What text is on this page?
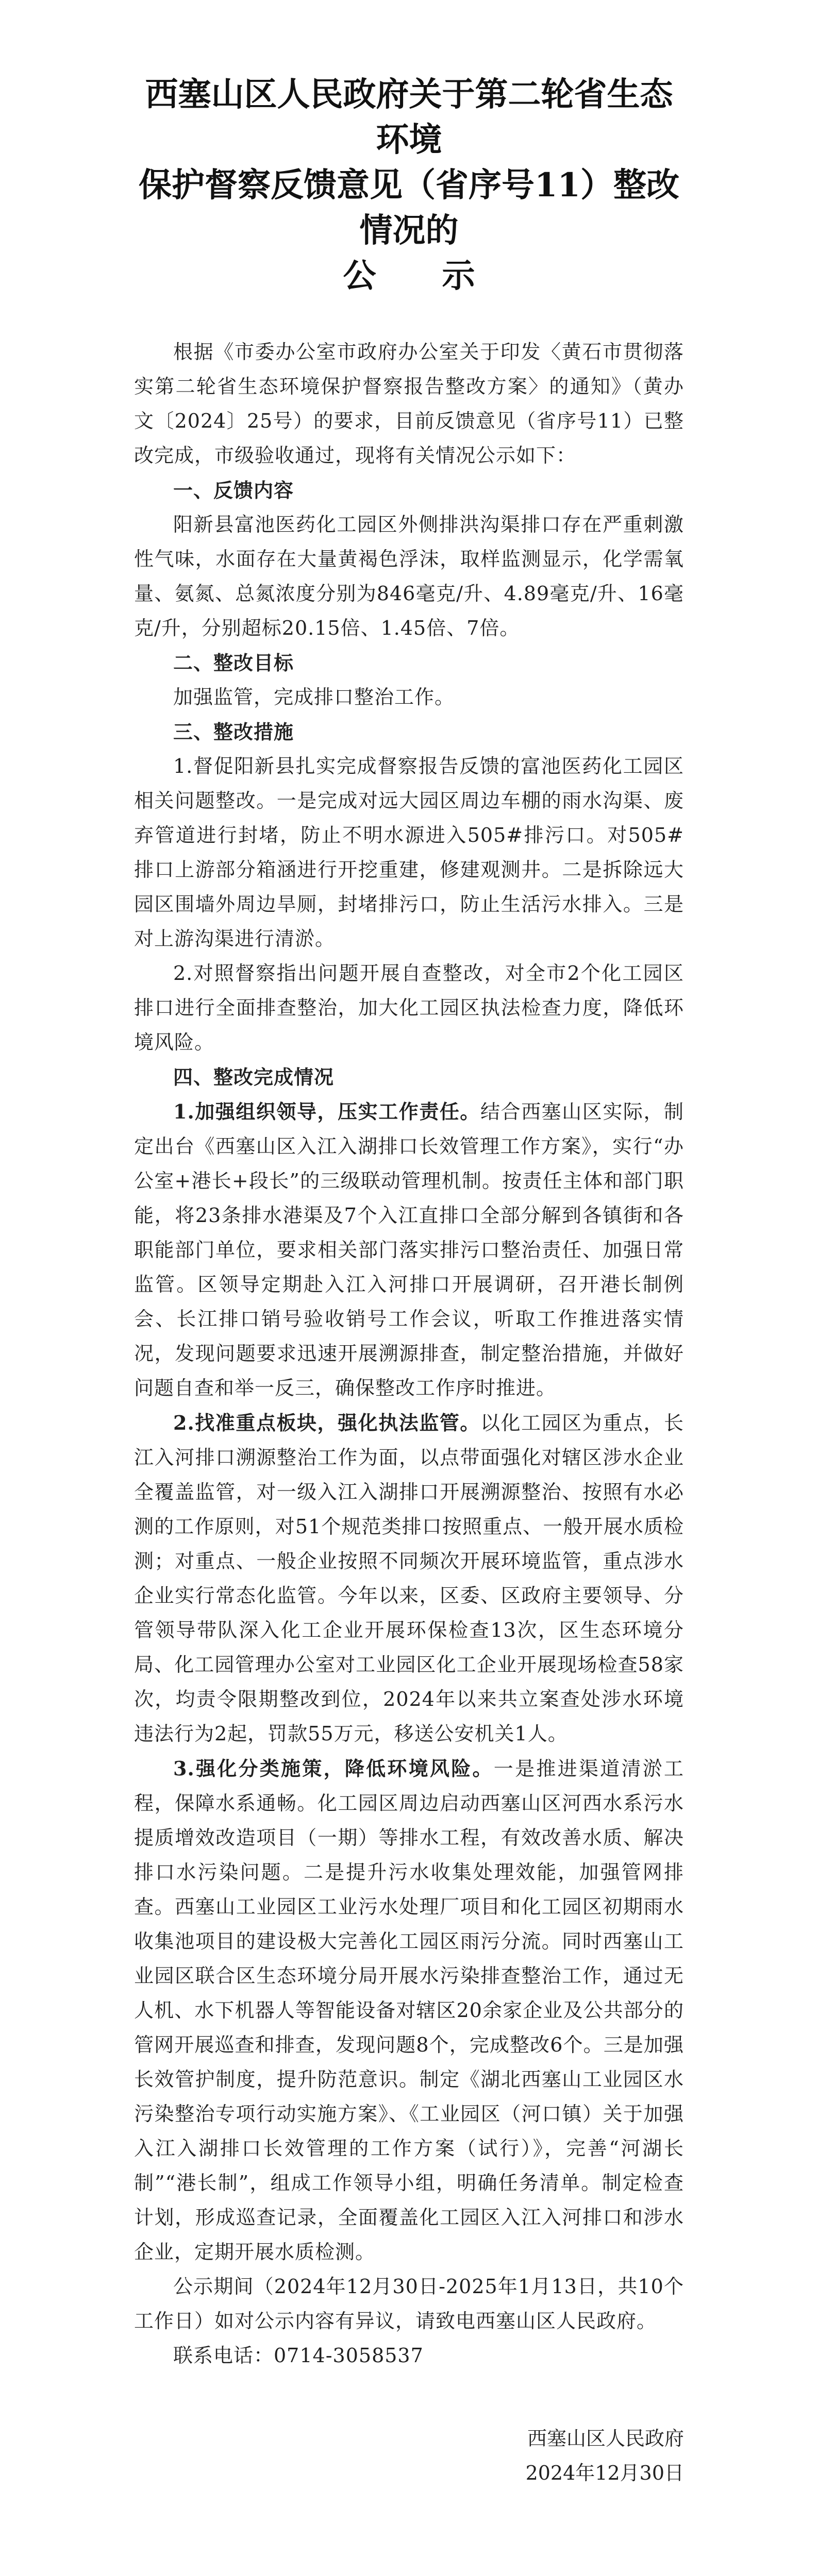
西塞山区人民政府关于第二轮省生态环境
保护督察反馈意见（省序号11）整改情况的
公　　示

根据《市委办公室市政府办公室关于印发〈黄石市贯彻落实第二轮省生态环境保护督察报告整改方案〉的通知》（黄办文〔2024〕25号）的要求，目前反馈意见（省序号11）已整改完成，市级验收通过，现将有关情况公示如下：

一、反馈内容

阳新县富池医药化工园区外侧排洪沟渠排口存在严重刺激性气味，水面存在大量黄褐色浮沫，取样监测显示，化学需氧量、氨氮、总氮浓度分别为846毫克/升、4.89毫克/升、16毫克/升，分别超标20.15倍、1.45倍、7倍。

二、整改目标

加强监管，完成排口整治工作。

三、整改措施

1.督促阳新县扎实完成督察报告反馈的富池医药化工园区相关问题整改。一是完成对远大园区周边车棚的雨水沟渠、废弃管道进行封堵，防止不明水源进入505#排污口。对505#排口上游部分箱涵进行开挖重建，修建观测井。二是拆除远大园区围墙外周边旱厕，封堵排污口，防止生活污水排入。三是对上游沟渠进行清淤。

2.对照督察指出问题开展自查整改，对全市2个化工园区排口进行全面排查整治，加大化工园区执法检查力度，降低环境风险。

四、整改完成情况

1.加强组织领导，压实工作责任。结合西塞山区实际，制定出台《西塞山区入江入湖排口长效管理工作方案》，实行“办公室+港长+段长”的三级联动管理机制。按责任主体和部门职能，将23条排水港渠及7个入江直排口全部分解到各镇街和各职能部门单位，要求相关部门落实排污口整治责任、加强日常监管。区领导定期赴入江入河排口开展调研，召开港长制例会、长江排口销号验收销号工作会议，听取工作推进落实情况，发现问题要求迅速开展溯源排查，制定整治措施，并做好问题自查和举一反三，确保整改工作序时推进。

2.找准重点板块，强化执法监管。以化工园区为重点，长江入河排口溯源整治工作为面，以点带面强化对辖区涉水企业全覆盖监管，对一级入江入湖排口开展溯源整治、按照有水必测的工作原则，对51个规范类排口按照重点、一般开展水质检测；对重点、一般企业按照不同频次开展环境监管，重点涉水企业实行常态化监管。今年以来，区委、区政府主要领导、分管领导带队深入化工企业开展环保检查13次，区生态环境分局、化工园管理办公室对工业园区化工企业开展现场检查58家次，均责令限期整改到位，2024年以来共立案查处涉水环境违法行为2起，罚款55万元，移送公安机关1人。

3.强化分类施策，降低环境风险。一是推进渠道清淤工程，保障水系通畅。化工园区周边启动西塞山区河西水系污水提质增效改造项目（一期）等排水工程，有效改善水质、解决排口水污染问题。二是提升污水收集处理效能，加强管网排查。西塞山工业园区工业污水处理厂项目和化工园区初期雨水收集池项目的建设极大完善化工园区雨污分流。同时西塞山工业园区联合区生态环境分局开展水污染排查整治工作，通过无人机、水下机器人等智能设备对辖区20余家企业及公共部分的管网开展巡查和排查，发现问题8个，完成整改6个。三是加强长效管护制度，提升防范意识。制定《湖北西塞山工业园区水污染整治专项行动实施方案》、《工业园区（河口镇）关于加强入江入湖排口长效管理的工作方案（试行）》，完善“河湖长制”“港长制”，组成工作领导小组，明确任务清单。制定检查计划，形成巡查记录，全面覆盖化工园区入江入河排口和涉水企业，定期开展水质检测。

公示期间（2024年12月30日-2025年1月13日，共10个工作日）如对公示内容有异议，请致电西塞山区人民政府。

联系电话：0714-3058537

西塞山区人民政府
2024年12月30日
